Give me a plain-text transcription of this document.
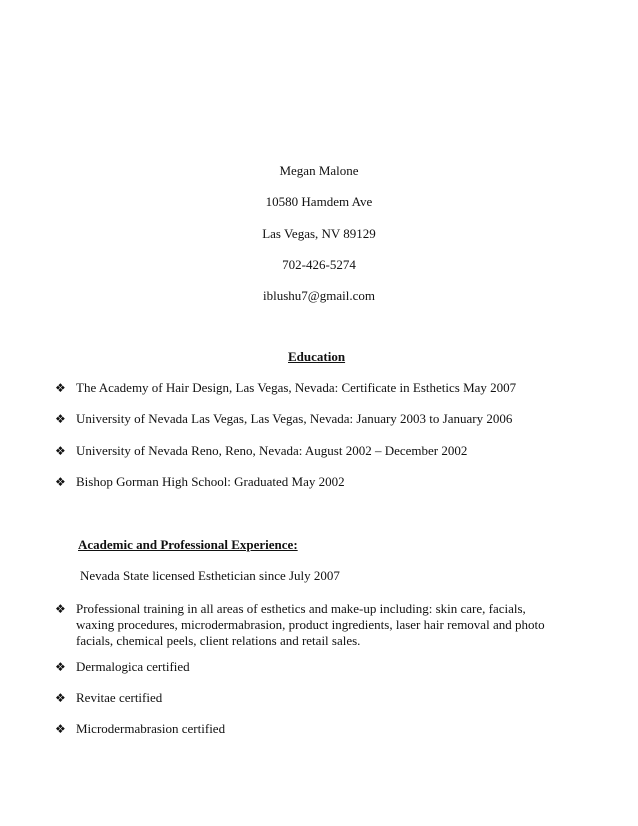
Megan Malone
10580 Hamdem Ave
Las Vegas, NV 89129
702-426-5274
iblushu7@gmail.com
Education
❖ The Academy of Hair Design, Las Vegas, Nevada: Certificate in Esthetics May 2007
❖ University of Nevada Las Vegas, Las Vegas, Nevada: January 2003 to January 2006
❖ University of Nevada Reno, Reno, Nevada: August 2002 – December 2002
❖ Bishop Gorman High School: Graduated May 2002
Academic and Professional Experience:
Nevada State licensed Esthetician since July 2007
❖ Professional training in all areas of esthetics and make-up including: skin care, facials, waxing procedures, microdermabrasion, product ingredients, laser hair removal and photo facials, chemical peels, client relations and retail sales.
❖ Dermalogica certified
❖ Revitae certified
❖ Microdermabrasion certified
